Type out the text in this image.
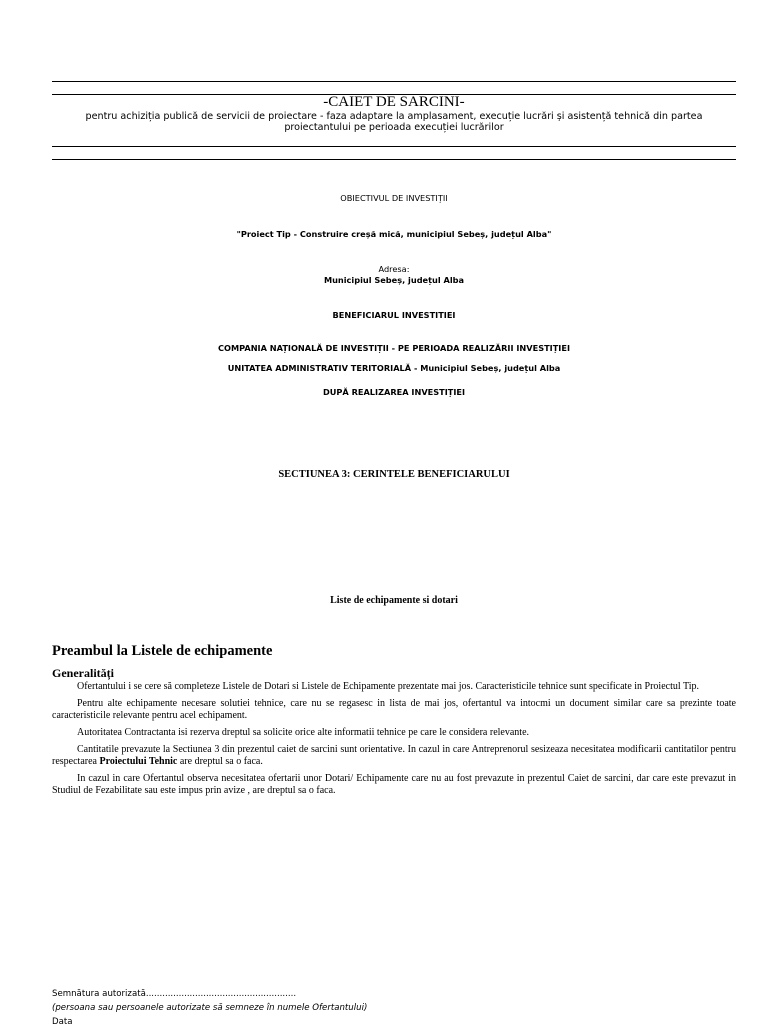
-CAIET DE SARCINI-
pentru achiziția publică de servicii de proiectare - faza adaptare la amplasament, execuție lucrări și asistență tehnică din partea proiectantului pe perioada execuției lucrărilor
OBIECTIVUL DE INVESTIȚII
"Proiect Tip - Construire creșă mică, municipiul Sebeș, județul Alba"
Adresa:
Municipiul Sebeș, județul Alba
BENEFICIARUL INVESTITIEI
COMPANIA NAȚIONALĂ DE INVESTIȚII - PE PERIOADA REALIZĂRII INVESTIȚIEI
UNITATEA ADMINISTRATIV TERITORIALĂ - Municipiul Sebeș, județul Alba
DUPĂ REALIZAREA INVESTIȚIEI
SECTIUNEA 3: CERINTELE BENEFICIARULUI
Liste de echipamente si dotari
Preambul la Listele de echipamente
Generalități

Ofertantului i se cere să completeze Listele de Dotari si Listele de Echipamente prezentate mai jos. Caracteristicile tehnice sunt specificate in Proiectul Tip.

Pentru alte echipamente necesare solutiei tehnice, care nu se regasesc in lista de mai jos, ofertantul va intocmi un document similar care sa prezinte toate caracteristicile relevante pentru acel echipament.

Autoritatea Contractanta isi rezerva dreptul sa solicite orice alte informatii tehnice pe care le considera relevante.

Cantitatile prevazute la Sectiunea 3 din prezentul caiet de sarcini sunt orientative. In cazul in care Antreprenorul sesizeaza necesitatea modificarii cantitatilor pentru respectarea Proiectului Tehnic are dreptul sa o faca.

In cazul in care Ofertantul observa necesitatea ofertarii unor Dotari/ Echipamente care nu au fost prevazute in prezentul Caiet de sarcini, dar care este prevazut in Studiul de Fezabilitate sau este impus prin avize , are dreptul sa o faca.

Semnătura autorizată.......................................................
(persoana sau persoanele autorizate să semneze în numele Ofertantului)
Data
